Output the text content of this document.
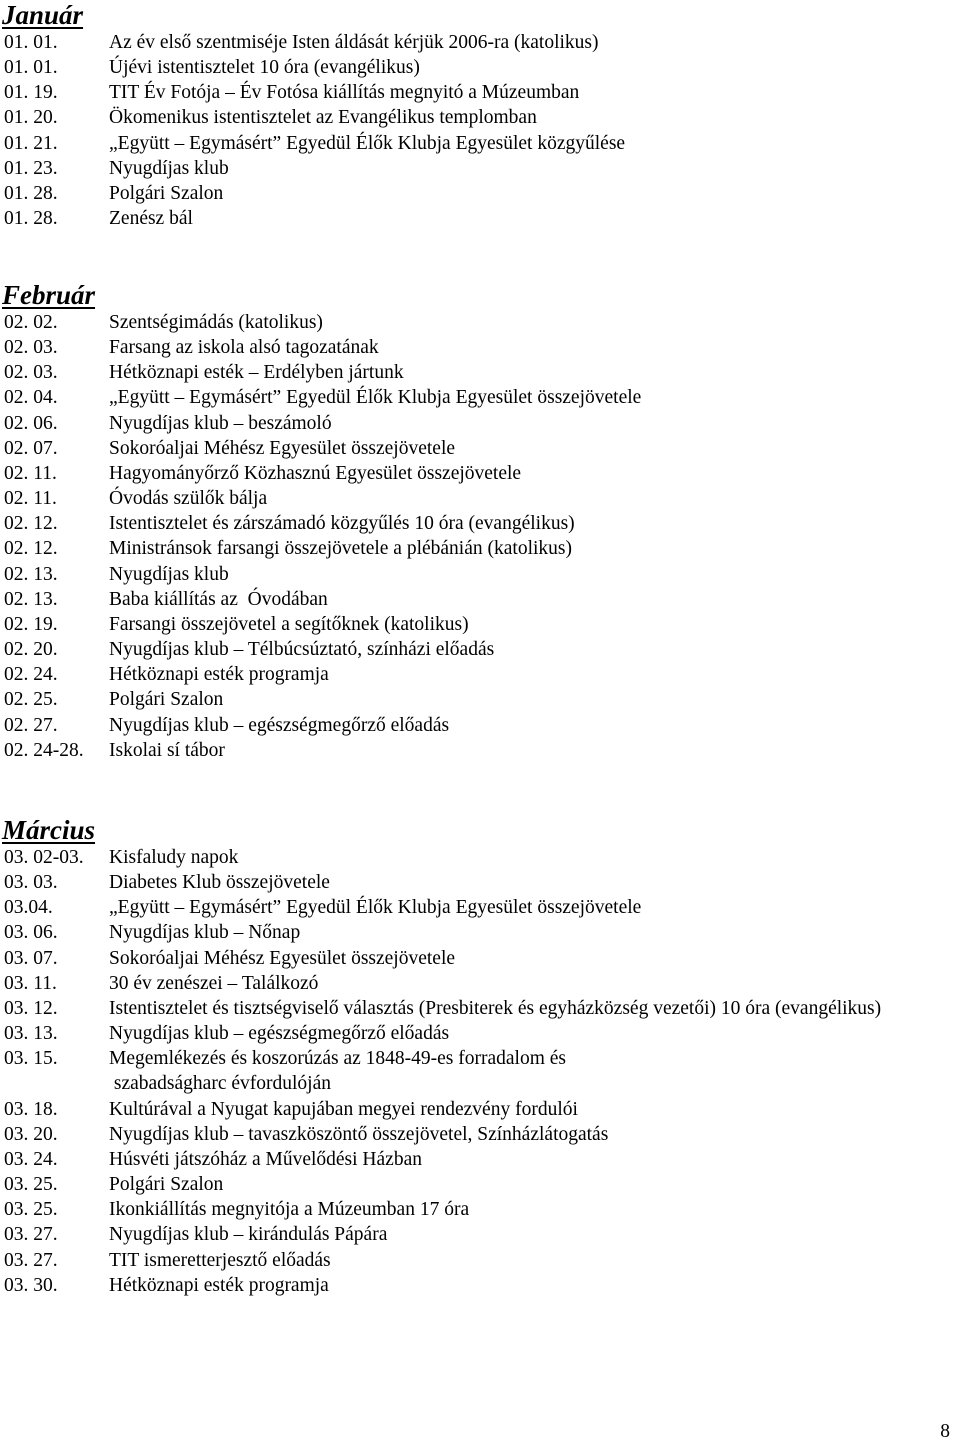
Január
01. 01.	Az év első szentmiséje Isten áldását kérjük 2006-ra (katolikus)
01. 01.	Újévi istentisztelet 10 óra (evangélikus)
01. 19.	TIT Év Fotója – Év Fotósa kiállítás megnyitó a Múzeumban
01. 20.	Ökomenikus istentisztelet az Evangélikus templomban
01. 21.	„Együtt – Egymásért” Egyedül Élők Klubja Egyesület közgyűlése
01. 23.	Nyugdíjas klub
01. 28.	Polgári Szalon
01. 28.	Zenész bál
Február
02. 02.	Szentségimádás (katolikus)
02. 03.	Farsang az iskola alsó tagozatának
02. 03.	Hétköznapi esték – Erdélyben jártunk
02. 04.	„Együtt – Egymásért” Egyedül Élők Klubja Egyesület összejövetele
02. 06.	Nyugdíjas klub – beszámoló
02. 07.	Sokoróaljai Méhész Egyesület összejövetele
02. 11.	Hagyományőrző Közhasznú Egyesület összejövetele
02. 11.	Óvodás szülők bálja
02. 12.	Istentisztelet és zárszámadó közgyűlés 10 óra (evangélikus)
02. 12.	Ministránsok farsangi összejövetele a plébánián (katolikus)
02. 13.	Nyugdíjas klub
02. 13.	Baba kiállítás az  Óvodában
02. 19.	Farsangi összejövetel a segítőknek (katolikus)
02. 20.	Nyugdíjas klub – Télbúcsúztató, színházi előadás
02. 24.	Hétköznapi esték programja
02. 25.	Polgári Szalon
02. 27.	Nyugdíjas klub – egészségmegőrző előadás
02. 24-28.	Iskolai sí tábor
Március
03. 02-03.	Kisfaludy napok
03. 03.	Diabetes Klub összejövetele
03.04.	„Együtt – Egymásért” Egyedül Élők Klubja Egyesület összejövetele
03. 06.	Nyugdíjas klub – Nőnap
03. 07.	Sokoróaljai Méhész Egyesület összejövetele
03. 11.	30 év zenészei – Találkozó
03. 12.	Istentisztelet és tisztségviselő választás (Presbiterek és egyházközség vezetői) 10 óra (evangélikus)
03. 13.	Nyugdíjas klub – egészségmegőrző előadás
03. 15.	Megemlékezés és koszorúzás az 1848-49-es forradalom és
szabadságharc évfordulóján
03. 18.	Kultúrával a Nyugat kapujában megyei rendezvény fordulói
03. 20.	Nyugdíjas klub – tavaszköszöntő összejövetel, Színházlátogatás
03. 24.	Húsvéti játszóház a Művelődési Házban
03. 25.	Polgári Szalon
03. 25.	Ikonkiállítás megnyitója a Múzeumban 17 óra
03. 27.	Nyugdíjas klub – kirándulás Pápára
03. 27.	TIT ismeretterjesztő előadás
03. 30.	Hétköznapi esték programja
8
